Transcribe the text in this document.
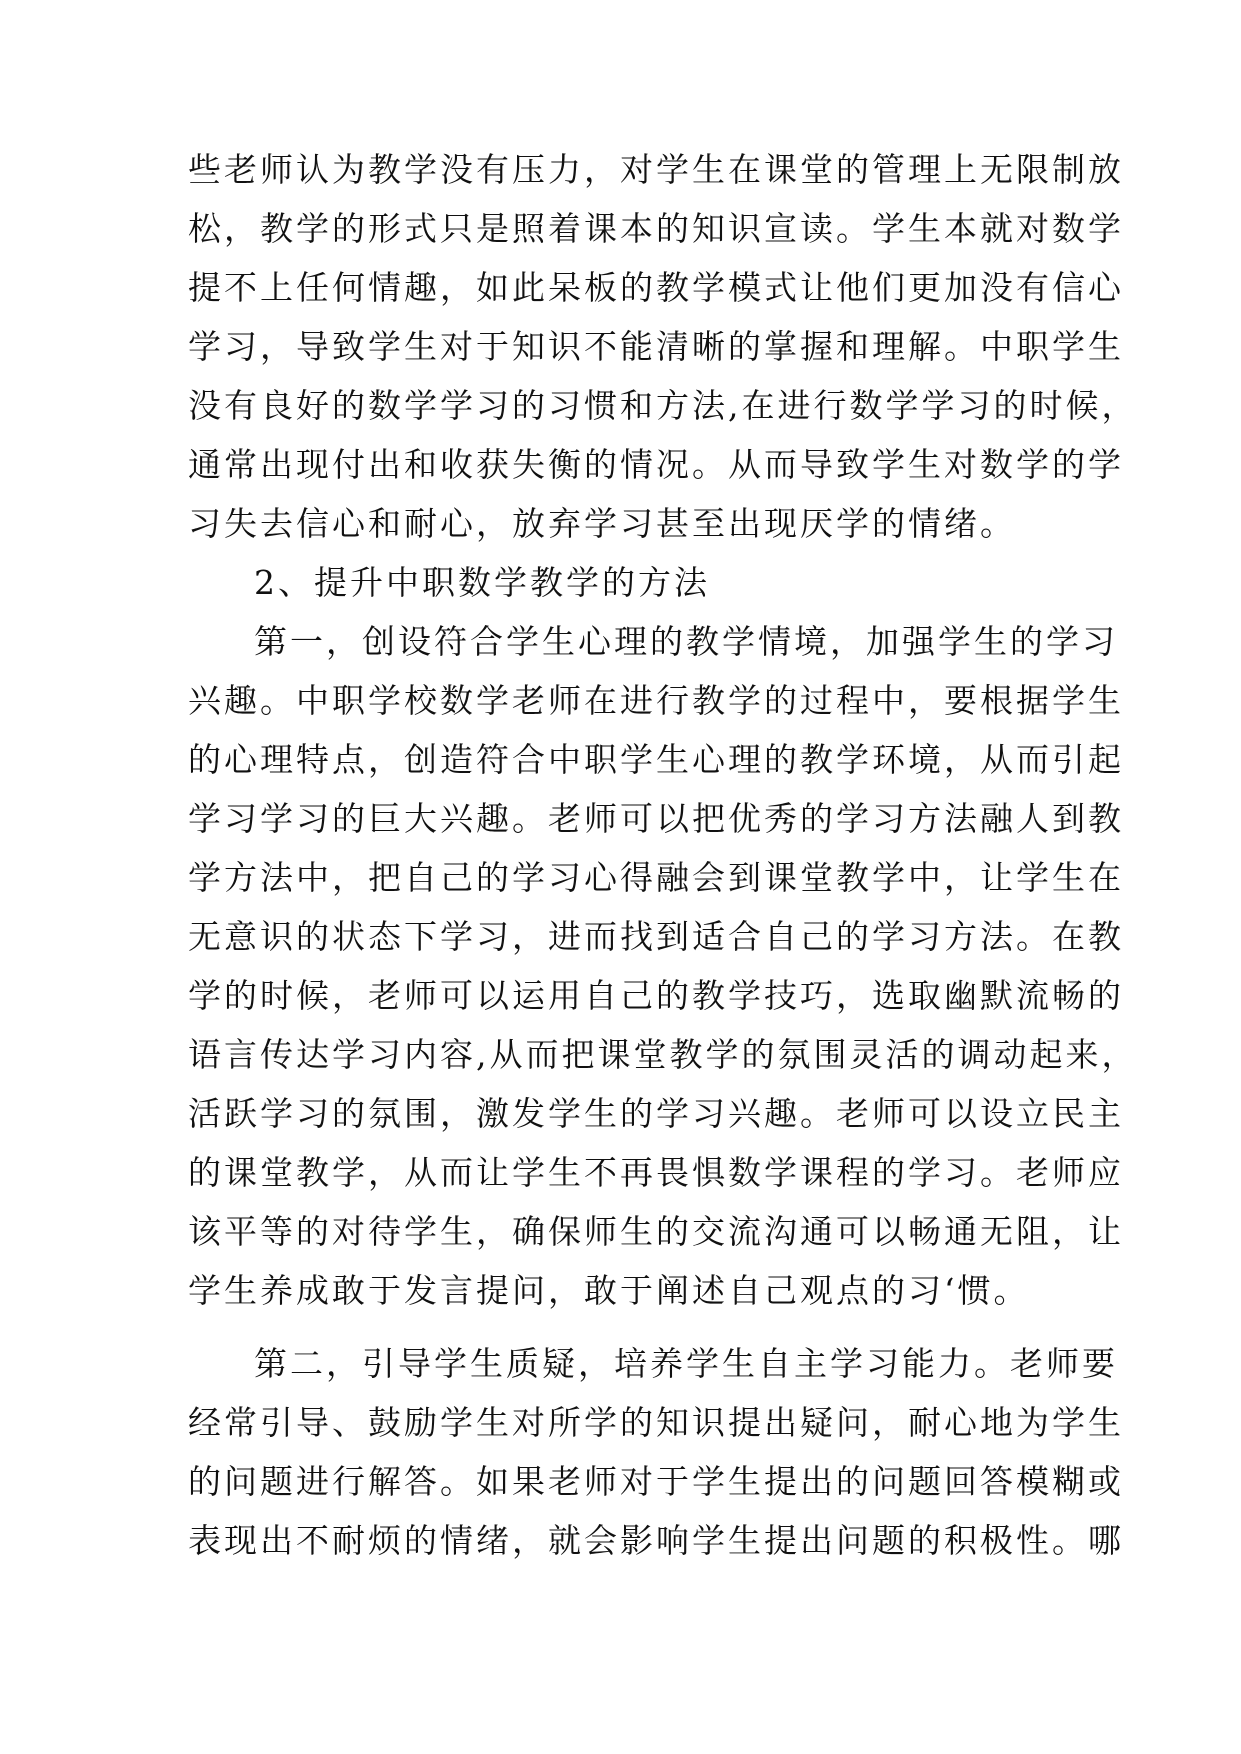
些老师认为教学没有压力，对学生在课堂的管理上无限制放
松，教学的形式只是照着课本的知识宣读。学生本就对数学
提不上任何情趣，如此呆板的教学模式让他们更加没有信心
学习，导致学生对于知识不能清晰的掌握和理解。中职学生
没有良好的数学学习的习惯和方法,在进行数学学习的时候，
通常出现付出和收获失衡的情况。从而导致学生对数学的学
习失去信心和耐心，放弃学习甚至出现厌学的情绪。
2、提升中职数学教学的方法
第一，创设符合学生心理的教学情境，加强学生的学习
兴趣。中职学校数学老师在进行教学的过程中，要根据学生
的心理特点，创造符合中职学生心理的教学环境，从而引起
学习学习的巨大兴趣。老师可以把优秀的学习方法融人到教
学方法中，把自己的学习心得融会到课堂教学中，让学生在
无意识的状态下学习，进而找到适合自己的学习方法。在教
学的时候，老师可以运用自己的教学技巧，选取幽默流畅的
语言传达学习内容,从而把课堂教学的氛围灵活的调动起来，
活跃学习的氛围，激发学生的学习兴趣。老师可以设立民主
的课堂教学，从而让学生不再畏惧数学课程的学习。老师应
该平等的对待学生，确保师生的交流沟通可以畅通无阻，让
学生养成敢于发言提问，敢于阐述自己观点的习‘惯。
第二，引导学生质疑，培养学生自主学习能力。老师要
经常引导、鼓励学生对所学的知识提出疑问，耐心地为学生
的问题进行解答。如果老师对于学生提出的问题回答模糊或
表现出不耐烦的情绪，就会影响学生提出问题的积极性。哪
